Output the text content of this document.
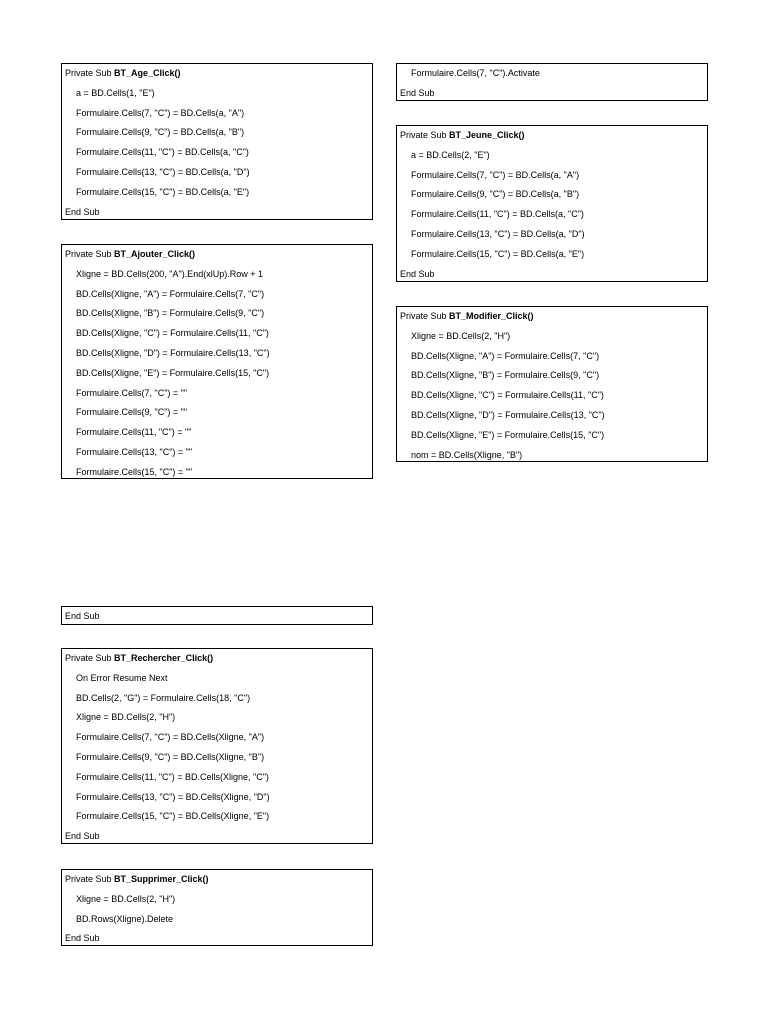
Private Sub BT_Age_Click()
a = BD.Cells(1, "E")
Formulaire.Cells(7, "C") = BD.Cells(a, "A")
Formulaire.Cells(9, "C") = BD.Cells(a, "B")
Formulaire.Cells(11, "C") = BD.Cells(a, "C")
Formulaire.Cells(13, "C") = BD.Cells(a, "D")
Formulaire.Cells(15, "C") = BD.Cells(a, "E")
End Sub
Private Sub BT_Ajouter_Click()
Xligne = BD.Cells(200, "A").End(xlUp).Row + 1
BD.Cells(Xligne, "A") = Formulaire.Cells(7, "C")
BD.Cells(Xligne, "B") = Formulaire.Cells(9, "C")
BD.Cells(Xligne, "C") = Formulaire.Cells(11, "C")
BD.Cells(Xligne, "D") = Formulaire.Cells(13, "C")
BD.Cells(Xligne, "E") = Formulaire.Cells(15, "C")
Formulaire.Cells(7, "C") = ""
Formulaire.Cells(9, "C") = ""
Formulaire.Cells(11, "C") = ""
Formulaire.Cells(13, "C") = ""
Formulaire.Cells(15, "C") = ""
End Sub
Private Sub BT_Rechercher_Click()
On Error Resume Next
BD.Cells(2, "G") = Formulaire.Cells(18, "C")
Xligne = BD.Cells(2, "H")
Formulaire.Cells(7, "C") = BD.Cells(Xligne, "A")
Formulaire.Cells(9, "C") = BD.Cells(Xligne, "B")
Formulaire.Cells(11, "C") = BD.Cells(Xligne, "C")
Formulaire.Cells(13, "C") = BD.Cells(Xligne, "D")
Formulaire.Cells(15, "C") = BD.Cells(Xligne, "E")
End Sub
Private Sub BT_Supprimer_Click()
Xligne = BD.Cells(2, "H")
BD.Rows(Xligne).Delete
End Sub
Formulaire.Cells(7, "C").Activate
End Sub
Private Sub BT_Jeune_Click()
a = BD.Cells(2, "E")
Formulaire.Cells(7, "C") = BD.Cells(a, "A")
Formulaire.Cells(9, "C") = BD.Cells(a, "B")
Formulaire.Cells(11, "C") = BD.Cells(a, "C")
Formulaire.Cells(13, "C") = BD.Cells(a, "D")
Formulaire.Cells(15, "C") = BD.Cells(a, "E")
End Sub
Private Sub BT_Modifier_Click()
Xligne = BD.Cells(2, "H")
BD.Cells(Xligne, "A") = Formulaire.Cells(7, "C")
BD.Cells(Xligne, "B") = Formulaire.Cells(9, "C")
BD.Cells(Xligne, "C") = Formulaire.Cells(11, "C")
BD.Cells(Xligne, "D") = Formulaire.Cells(13, "C")
BD.Cells(Xligne, "E") = Formulaire.Cells(15, "C")
nom = BD.Cells(Xligne, "B")
